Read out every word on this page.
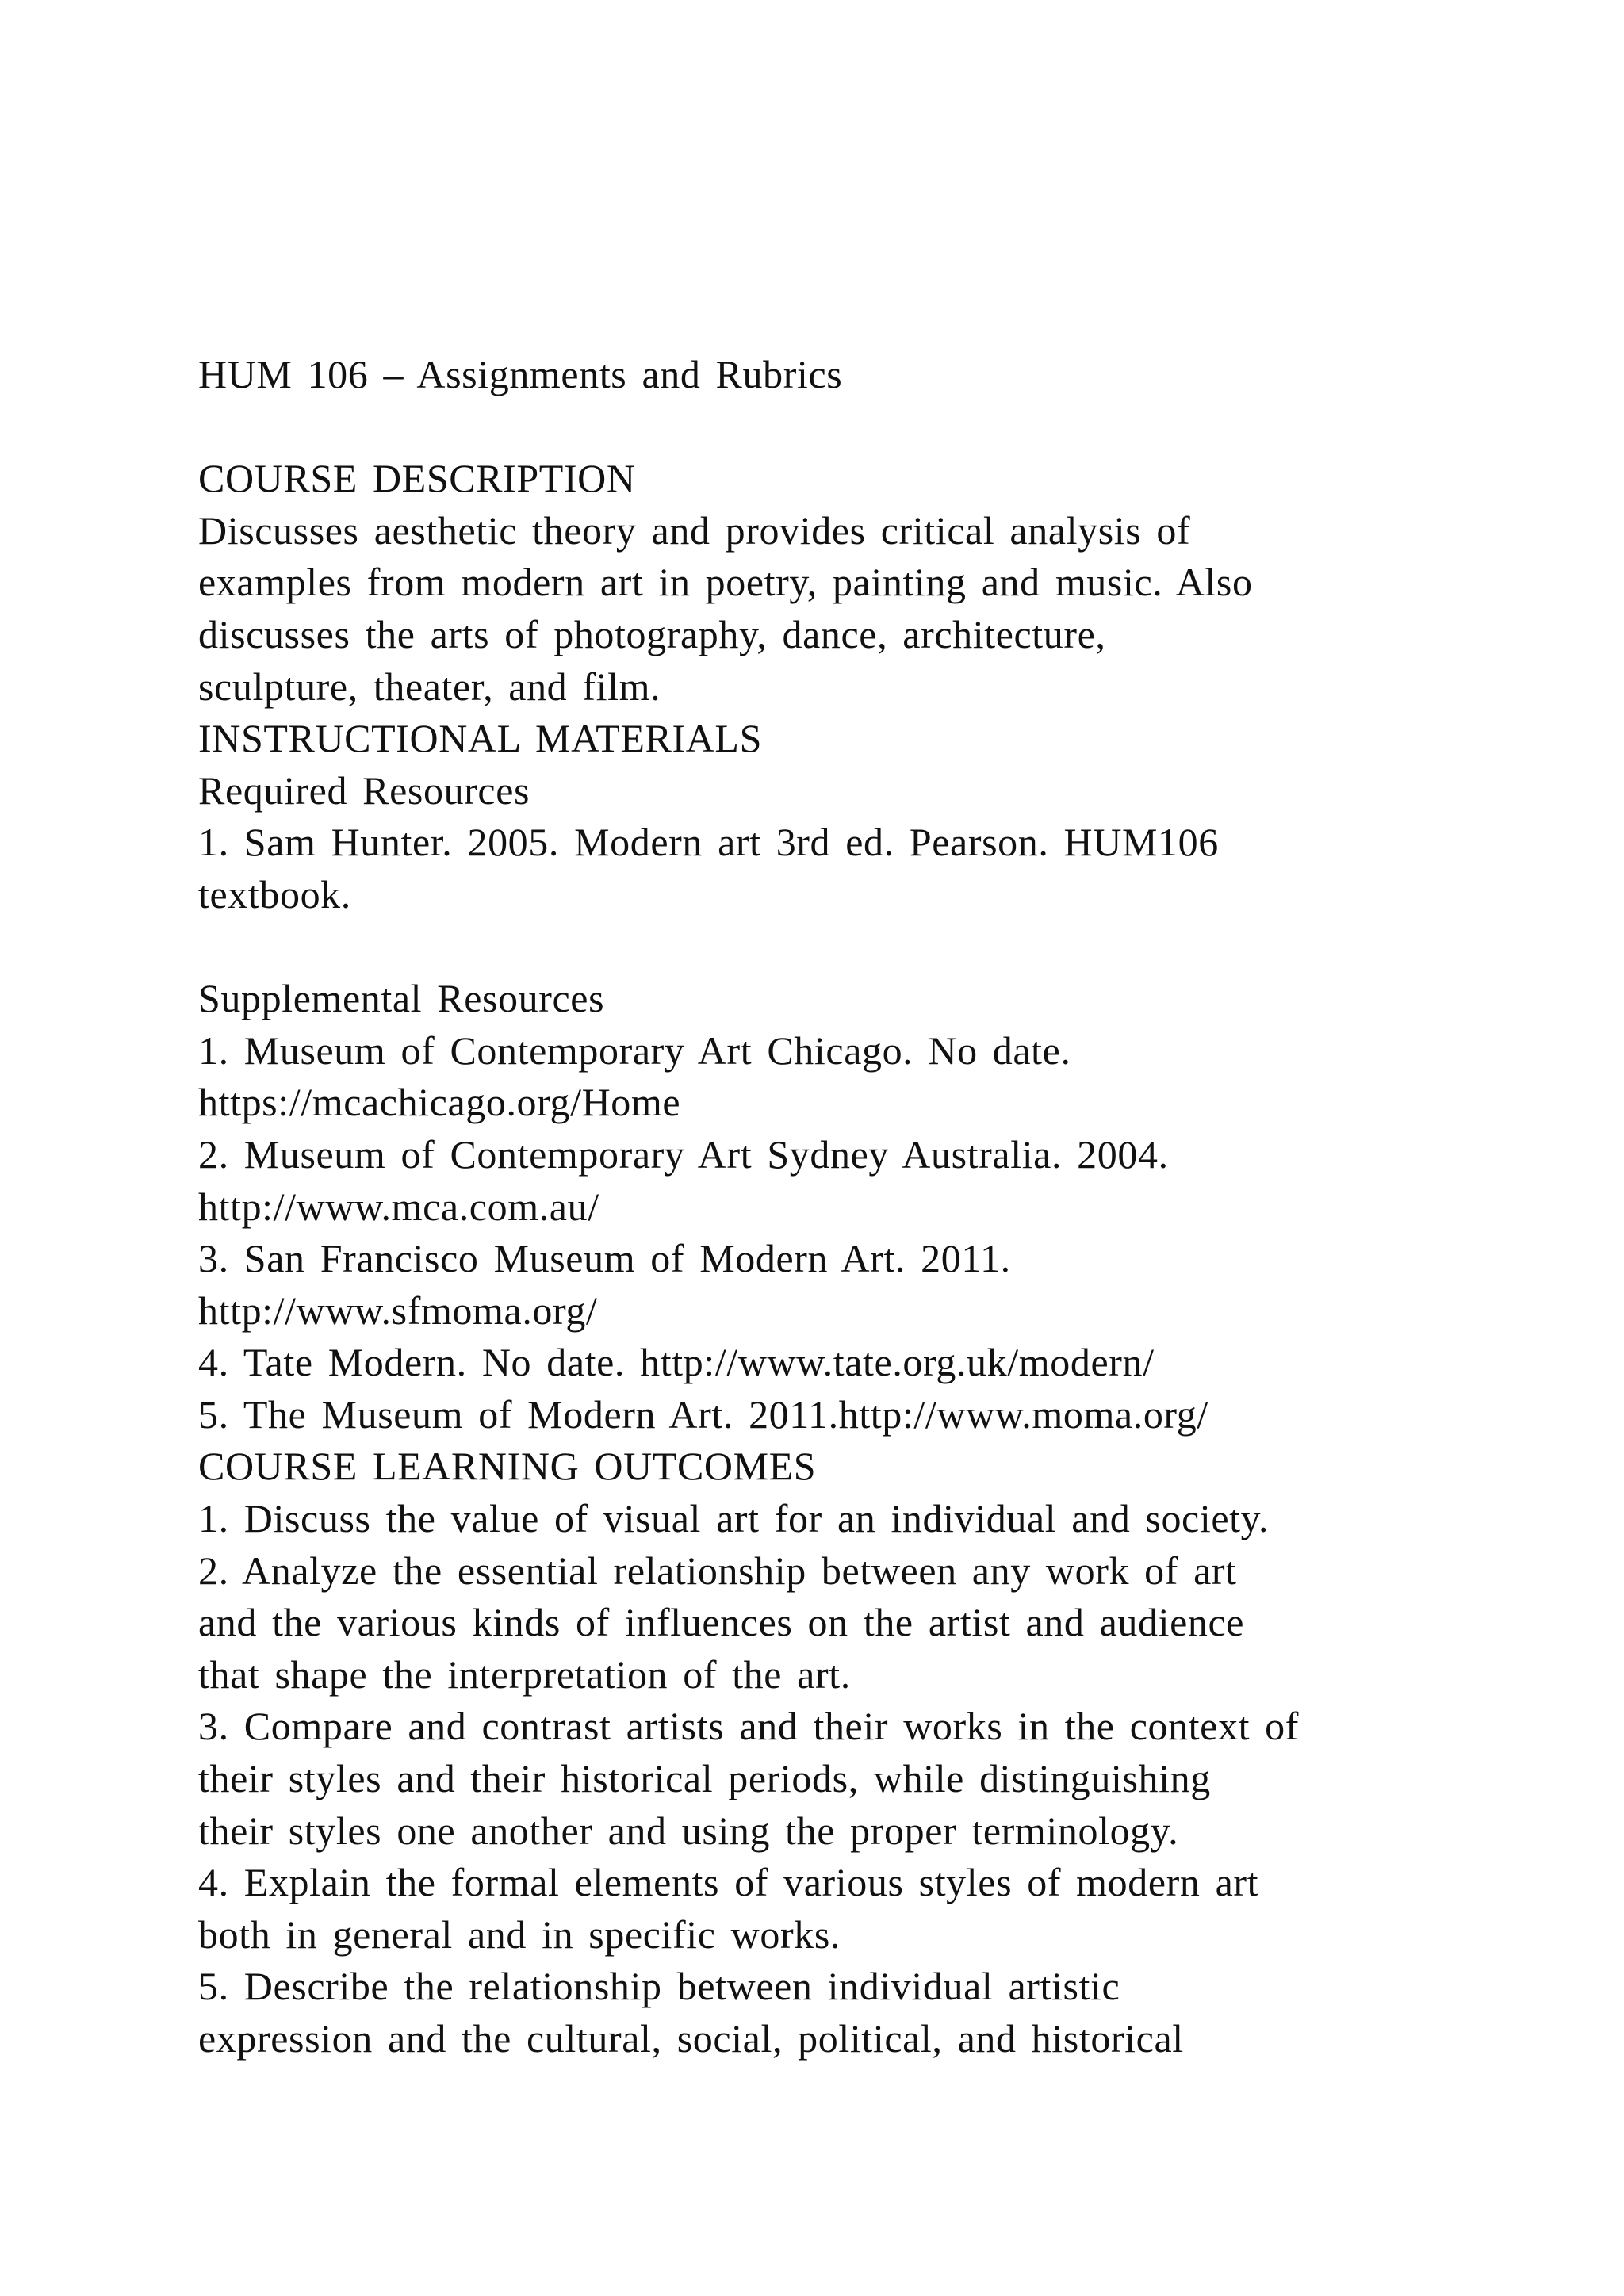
HUM 106 – Assignments and Rubrics
COURSE DESCRIPTION
Discusses aesthetic theory and provides critical analysis of
examples from modern art in poetry, painting and music. Also
discusses the arts of photography, dance, architecture,
sculpture, theater, and film.
INSTRUCTIONAL MATERIALS
Required Resources
1. Sam Hunter. 2005. Modern art 3rd ed. Pearson. HUM106
textbook.
Supplemental Resources
1. Museum of Contemporary Art Chicago. No date.
https://mcachicago.org/Home
2. Museum of Contemporary Art Sydney Australia. 2004.
http://www.mca.com.au/
3. San Francisco Museum of Modern Art. 2011.
http://www.sfmoma.org/
4. Tate Modern. No date. http://www.tate.org.uk/modern/
5. The Museum of Modern Art. 2011.http://www.moma.org/
COURSE LEARNING OUTCOMES
1. Discuss the value of visual art for an individual and society.
2. Analyze the essential relationship between any work of art
and the various kinds of influences on the artist and audience
that shape the interpretation of the art.
3. Compare and contrast artists and their works in the context of
their styles and their historical periods, while distinguishing
their styles one another and using the proper terminology.
4. Explain the formal elements of various styles of modern art
both in general and in specific works.
5. Describe the relationship between individual artistic
expression and the cultural, social, political, and historical
